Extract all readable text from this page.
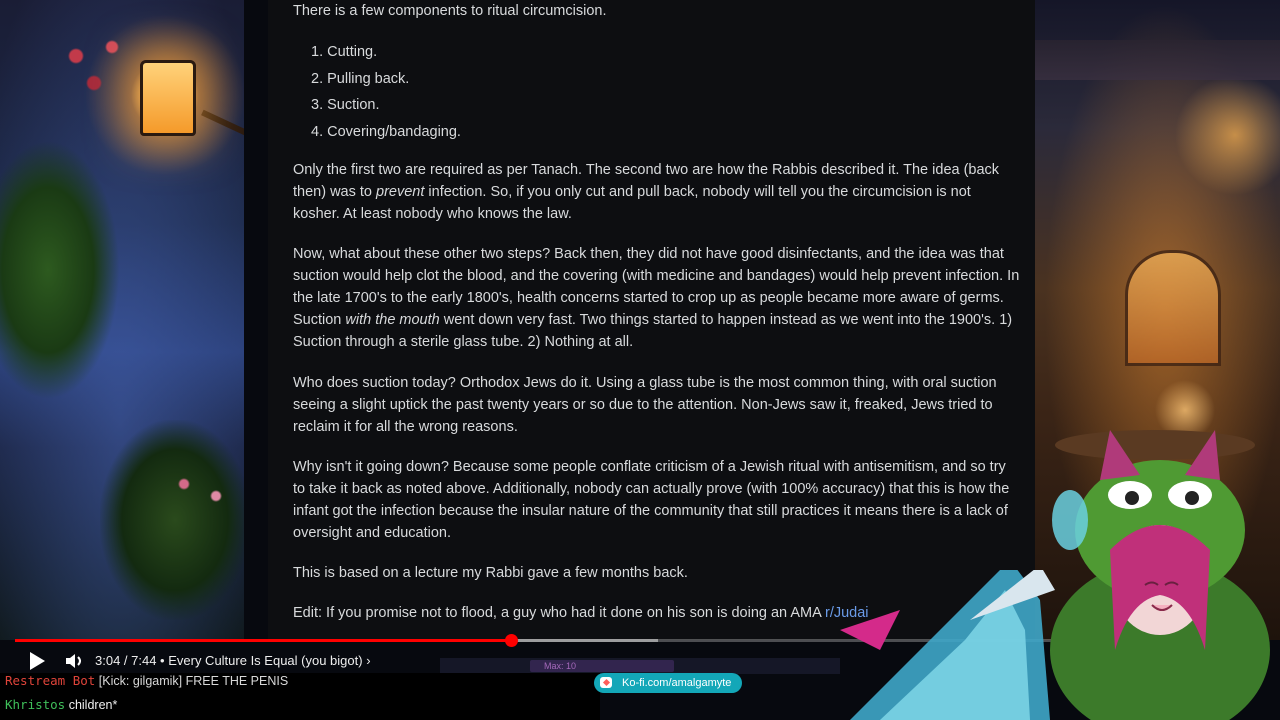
There is a few components to ritual circumcision.

1. Cutting.
2. Pulling back.
3. Suction.
4. Covering/bandaging.

Only the first two are required as per Tanach. The second two are how the Rabbis described it. The idea (back then) was to prevent infection. So, if you only cut and pull back, nobody will tell you the circumcision is not kosher. At least nobody who knows the law.

Now, what about these other two steps? Back then, they did not have good disinfectants, and the idea was that suction would help clot the blood, and the covering (with medicine and bandages) would help prevent infection. In the late 1700's to the early 1800's, health concerns started to crop up as people became more aware of germs. Suction with the mouth went down very fast. Two things started to happen instead as we went into the 1900's. 1) Suction through a sterile glass tube. 2) Nothing at all.

Who does suction today? Orthodox Jews do it. Using a glass tube is the most common thing, with oral suction seeing a slight uptick the past twenty years or so due to the attention. Non-Jews saw it, freaked, Jews tried to reclaim it for all the wrong reasons.

Why isn't it going down? Because some people conflate criticism of a Jewish ritual with antisemitism, and so try to take it back as noted above. Additionally, nobody can actually prove (with 100% accuracy) that this is how the infant got the infection because the insular nature of the community that still practices it means there is a lack of oversight and education.

This is based on a lecture my Rabbi gave a few months back.

Edit: If you promise not to flood, a guy who had it done on his son is doing an AMA r/Judai

3:04 / 7:44 • Every Culture Is Equal (you bigot) ›	Max: 10
Restream Bot [Kick: gilgamik] FREE THE PENIS
Khristos children*
Ko-fi.com/amalgamyte
